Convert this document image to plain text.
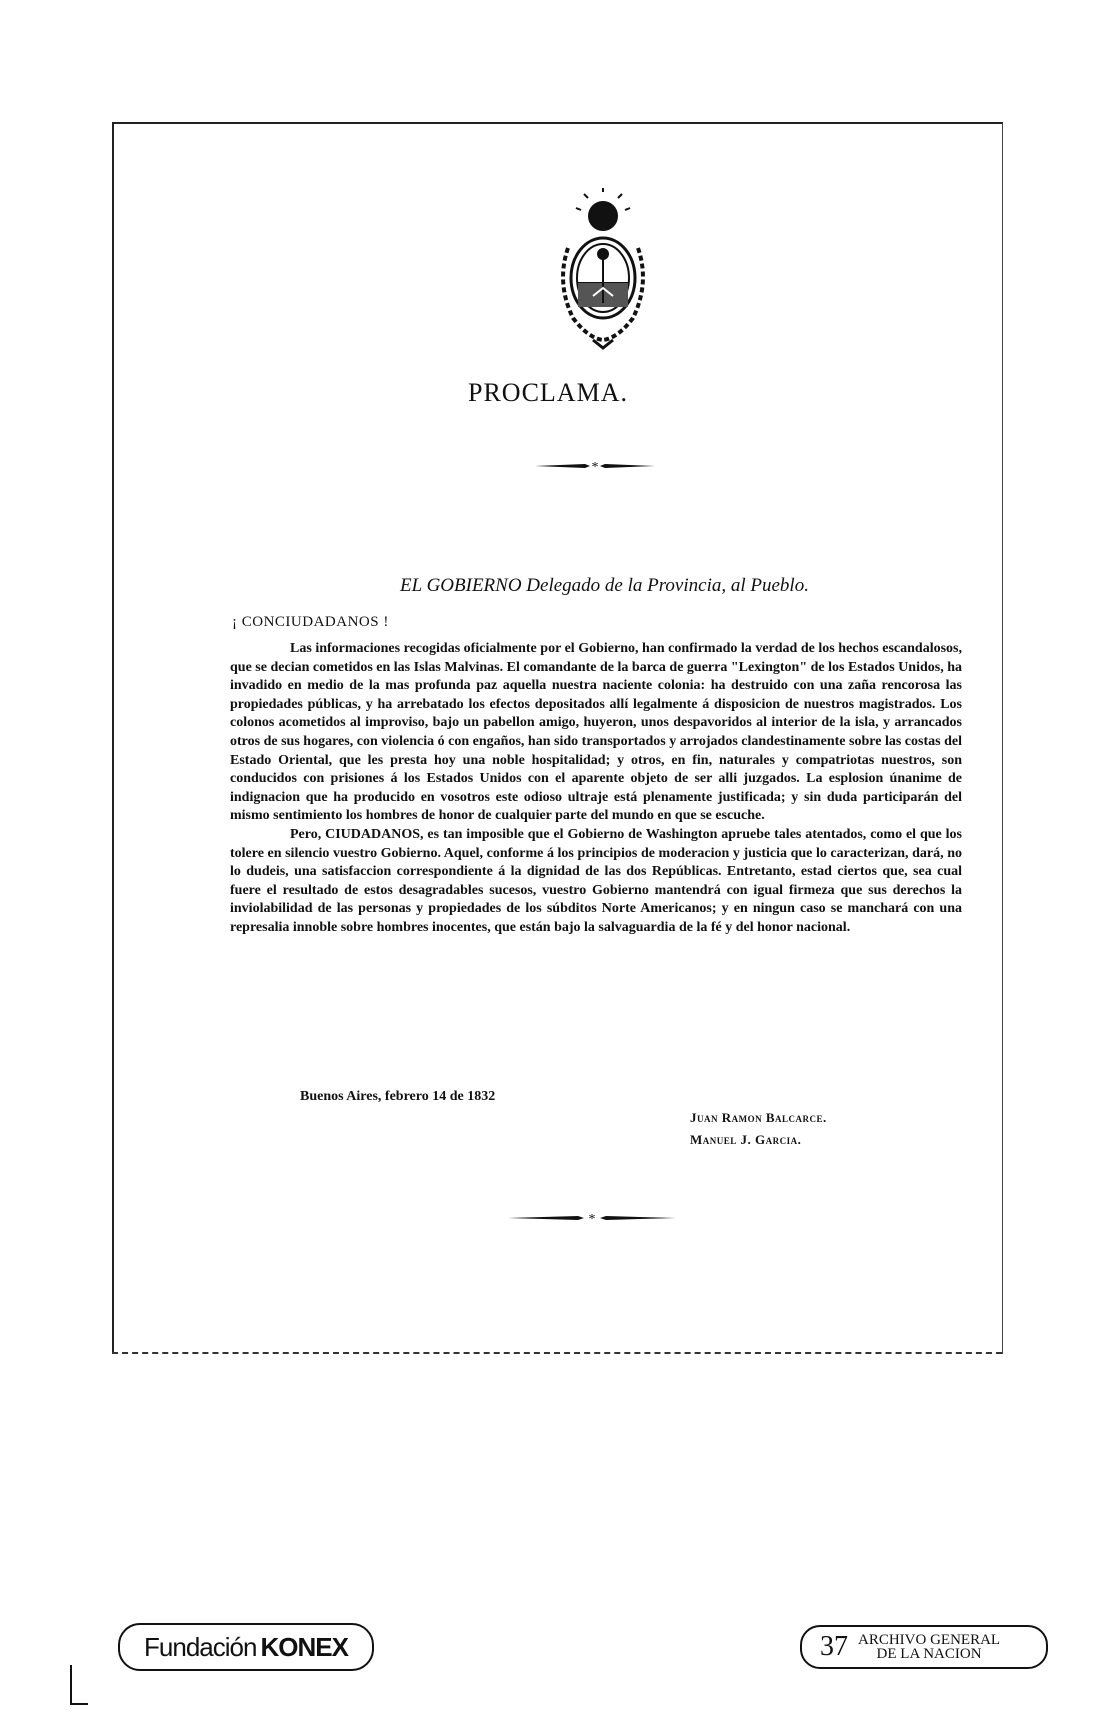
PROCLAMA.
*
EL GOBIERNO Delegado de la Provincia, al Pueblo.
¡ CONCIUDADANOS !

Las informaciones recogidas oficialmente por el Gobierno, han confirmado la verdad de los hechos escandalosos, que se decian cometidos en las Islas Malvinas. El comandante de la barca de guerra "Lexington" de los Estados Unidos, ha invadido en medio de la mas profunda paz aquella nuestra naciente colonia: ha destruido con una zaña rencorosa las propiedades públicas, y ha arrebatado los efectos depositados allí legalmente á disposicion de nuestros magistrados. Los colonos acometidos al improviso, bajo un pabellon amigo, huyeron, unos despavoridos al interior de la isla, y arrancados otros de sus hogares, con violencia ó con engaños, han sido transportados y arrojados clandestinamente sobre las costas del Estado Oriental, que les presta hoy una noble hospitalidad; y otros, en fin, naturales y compatriotas nuestros, son conducidos con prisiones á los Estados Unidos con el aparente objeto de ser alli juzgados. La esplosion únanime de indignacion que ha producido en vosotros este odioso ultraje está plenamente justificada; y sin duda participarán del mismo sentimiento los hombres de honor de cualquier parte del mundo en que se escuche.

Pero, CIUDADANOS, es tan imposible que el Gobierno de Washington apruebe tales atentados, como el que los tolere en silencio vuestro Gobierno. Aquel, conforme á los principios de moderacion y justicia que lo caracterizan, dará, no lo dudeis, una satisfaccion correspondiente á la dignidad de las dos Repúblicas. Entretanto, estad ciertos que, sea cual fuere el resultado de estos desagradables sucesos, vuestro Gobierno mantendrá con igual firmeza que sus derechos la inviolabilidad de las personas y propiedades de los súbditos Norte Americanos; y en ningun caso se manchará con una represalia innoble sobre hombres inocentes, que están bajo la salvaguardia de la fé y del honor nacional.

Buenos Aires, febrero 14 de 1832
Juan Ramon Balcarce.
Manuel J. Garcia.
*
Fundación KONEX	37 ARCHIVO GENERAL
DE LA NACION
